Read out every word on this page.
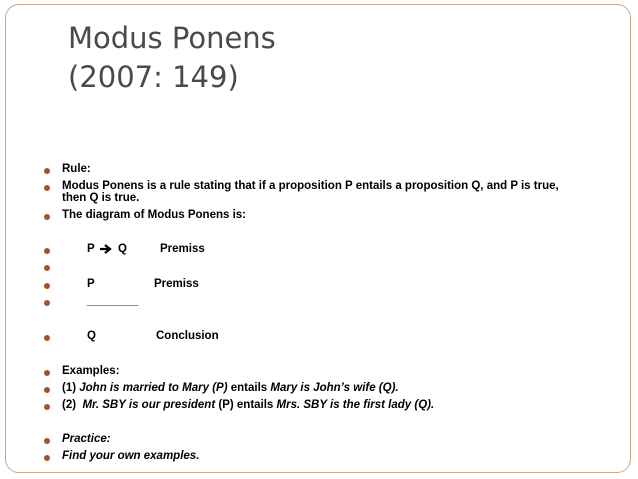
Modus Ponens
(2007: 149)
Rule:
Modus Ponens is a rule stating that if a proposition P entails a proposition Q, and P is true,
then Q is true.
The diagram of Modus Ponens is:
P Q	Premiss
P	Premiss
________
Q	Conclusion
Examples:
(1) John is married to Mary (P) entails Mary is John’s wife (Q).
(2) Mr. SBY is our president (P) entails Mrs. SBY is the first lady (Q).
Practice:
Find your own examples.
